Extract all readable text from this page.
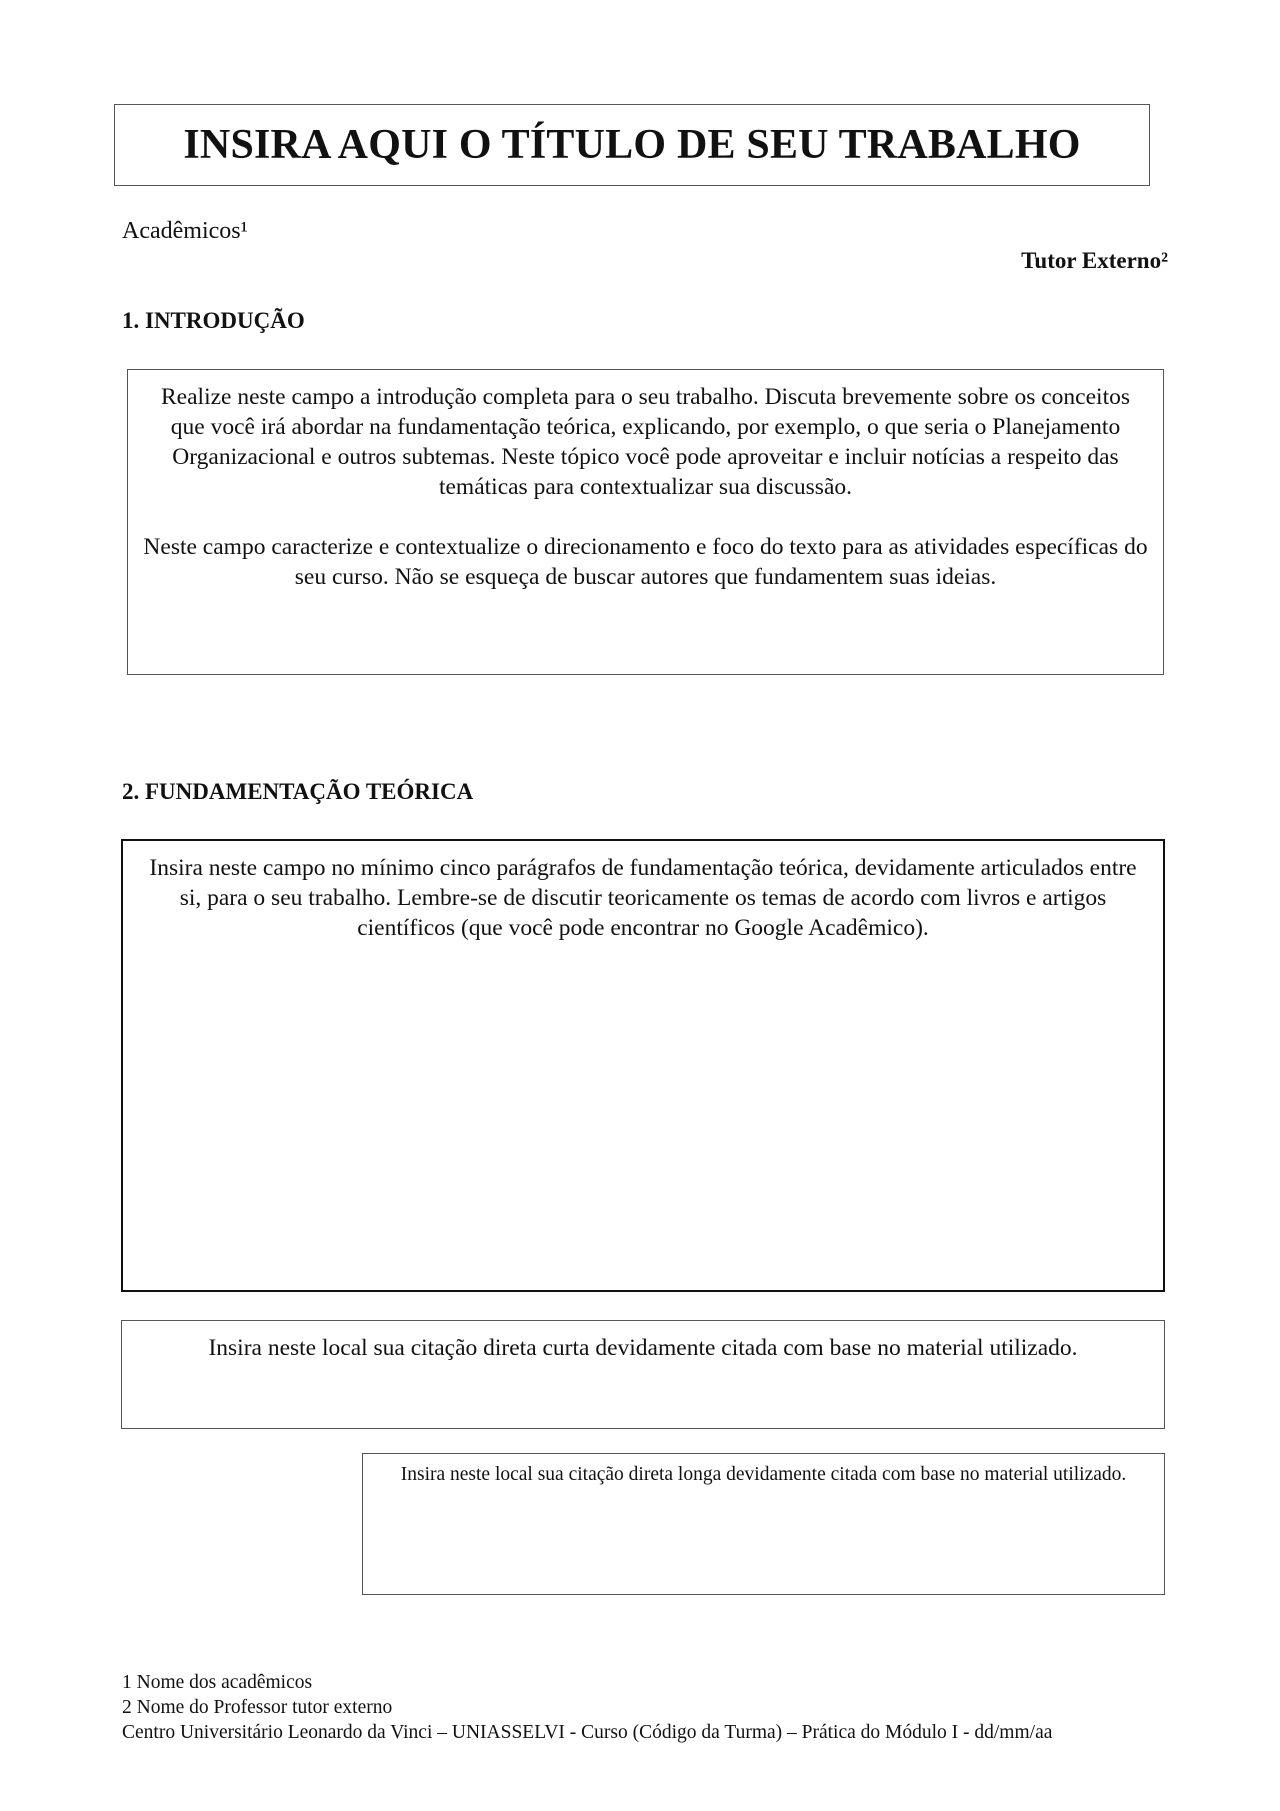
INSIRA AQUI O TÍTULO DE SEU TRABALHO
Acadêmicos¹
Tutor Externo²
1. INTRODUÇÃO

Realize neste campo a introdução completa para o seu trabalho. Discuta brevemente sobre os conceitos que você irá abordar na fundamentação teórica, explicando, por exemplo, o que seria o Planejamento Organizacional e outros subtemas. Neste tópico você pode aproveitar e incluir notícias a respeito das temáticas para contextualizar sua discussão.

Neste campo caracterize e contextualize o direcionamento e foco do texto para as atividades específicas do seu curso. Não se esqueça de buscar autores que fundamentem suas ideias.

2. FUNDAMENTAÇÃO TEÓRICA

Insira neste campo no mínimo cinco parágrafos de fundamentação teórica, devidamente articulados entre si, para o seu trabalho. Lembre-se de discutir teoricamente os temas de acordo com livros e artigos científicos (que você pode encontrar no Google Acadêmico).

Insira neste local sua citação direta curta devidamente citada com base no material utilizado.

Insira neste local sua citação direta longa devidamente citada com base no material utilizado.

1 Nome dos acadêmicos
2 Nome do Professor tutor externo
Centro Universitário Leonardo da Vinci – UNIASSELVI - Curso (Código da Turma) – Prática do Módulo I - dd/mm/aa
